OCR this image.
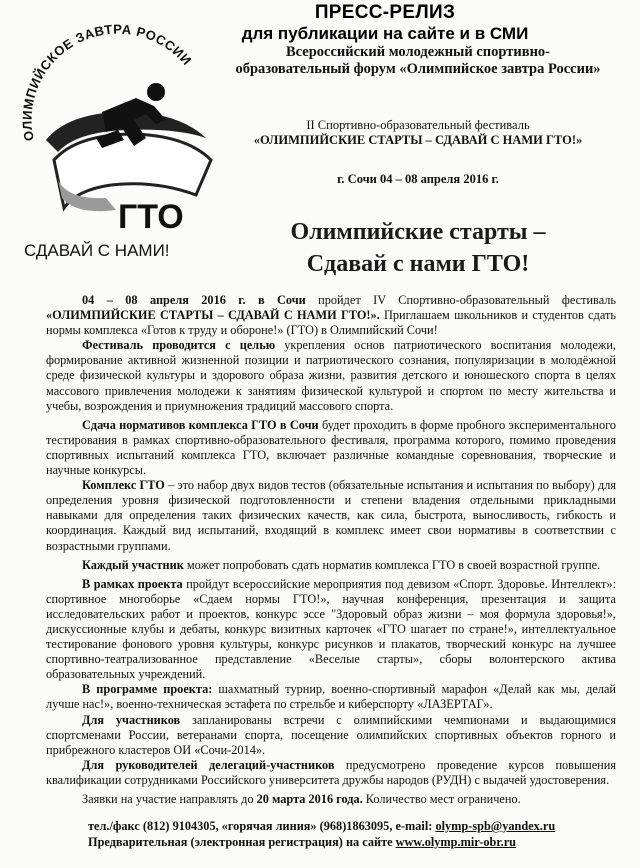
ПРЕСС-РЕЛИЗ
для публикации на сайте и в СМИ
ОЛИМПИЙСКОЕ ЗАВТРА РОССИИ
ГТО
СДАВАЙ С НАМИ!
Всероссийский молодежный спортивно-образовательный форум «Олимпийское завтра России»
II Спортивно-образовательный фестиваль
«ОЛИМПИЙСКИЕ СТАРТЫ – СДАВАЙ С НАМИ ГТО!»
г. Сочи 04 – 08 апреля 2016 г.
Олимпийские старты –
Сдавай с нами ГТО!

04 – 08 апреля 2016 г. в Сочи пройдет IV Спортивно-образовательный фестиваль «ОЛИМПИЙСКИЕ СТАРТЫ – СДАВАЙ С НАМИ ГТО!». Приглашаем школьников и студентов сдать нормы комплекса «Готов к труду и обороне!» (ГТО) в Олимпийский Сочи!

Фестиваль проводится с целью укрепления основ патриотического воспитания молодежи, формирование активной жизненной позиции и патриотического сознания, популяризации в молодёжной среде физической культуры и здорового образа жизни, развития детского и юношеского спорта в целях массового привлечения молодежи к занятиям физической культурой и спортом по месту жительства и учебы, возрождения и приумножения традиций массового спорта.

Сдача нормативов комплекса ГТО в Сочи будет проходить в форме пробного экспериментального тестирования в рамках спортивно-образовательного фестиваля, программа которого, помимо проведения спортивных испытаний комплекса ГТО, включает различные командные соревнования, творческие и научные конкурсы.

Комплекс ГТО – это набор двух видов тестов (обязательные испытания и испытания по выбору) для определения уровня физической подготовленности и степени владения отдельными прикладными навыками для определения таких физических качеств, как сила, быстрота, выносливость, гибкость и координация. Каждый вид испытаний, входящий в комплекс имеет свои нормативы в соответствии с возрастными группами.

Каждый участник может попробовать сдать норматив комплекса ГТО в своей возрастной группе.

В рамках проекта пройдут всероссийские мероприятия под девизом «Спорт. Здоровье. Интеллект»: спортивное многоборье «Сдаем нормы ГТО!», научная конференция, презентация и защита исследовательских работ и проектов, конкурс эссе "Здоровый образ жизни – моя формула здоровья!», дискуссионные клубы и дебаты, конкурс визитных карточек «ГТО шагает по стране!», интеллектуальное тестирование фонового уровня культуры, конкурс рисунков и плакатов, творческий конкурс на лучшее спортивно-театрализованное представление «Веселые старты», сборы волонтерского актива образовательных учреждений.

В программе проекта: шахматный турнир, военно-спортивный марафон «Делай как мы, делай лучше нас!», военно-техническая эстафета по стрельбе и киберспорту «ЛАЗЕРТАГ».

Для участников запланированы встречи с олимпийскими чемпионами и выдающимися спортсменами России, ветеранами спорта, посещение олимпийских спортивных объектов горного и прибрежного кластеров ОИ «Сочи-2014».

Для руководителей делегаций-участников предусмотрено проведение курсов повышения квалификации сотрудниками Российского университета дружбы народов (РУДН) с выдачей удостоверения.

Заявки на участие направлять до 20 марта 2016 года. Количество мест ограничено.

тел./факс (812) 9104305, «горячая линия» (968)1863095, e-mail: olymp-spb@yandex.ru
Предварительная (электронная регистрация) на сайте www.olymp.mir-obr.ru
